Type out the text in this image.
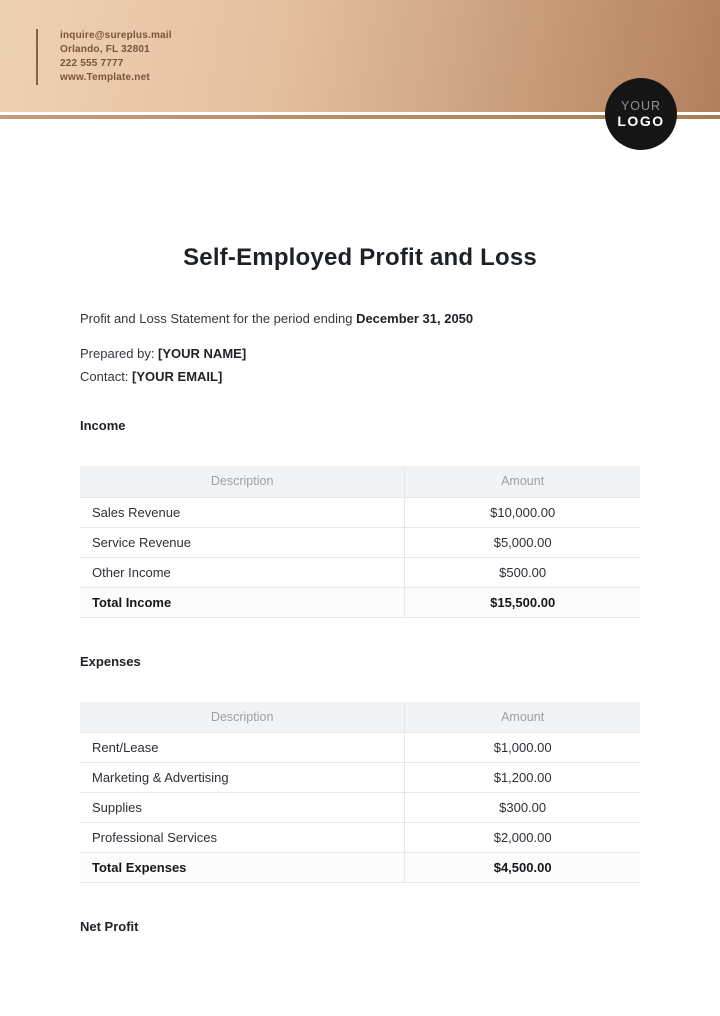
inquire@sureplus.mail
Orlando, FL 32801
222 555 7777
www.Template.net
YOUR
LOGO
Self-Employed Profit and Loss

Profit and Loss Statement for the period ending December 31, 2050

Prepared by: [YOUR NAME]
Contact: [YOUR EMAIL]
Income
Description	Amount
Sales Revenue	$10,000.00
Service Revenue	$5,000.00
Other Income	$500.00
Total Income	$15,500.00
Expenses
Description	Amount
Rent/Lease	$1,000.00
Marketing & Advertising	$1,200.00
Supplies	$300.00
Professional Services	$2,000.00
Total Expenses	$4,500.00
Net Profit
